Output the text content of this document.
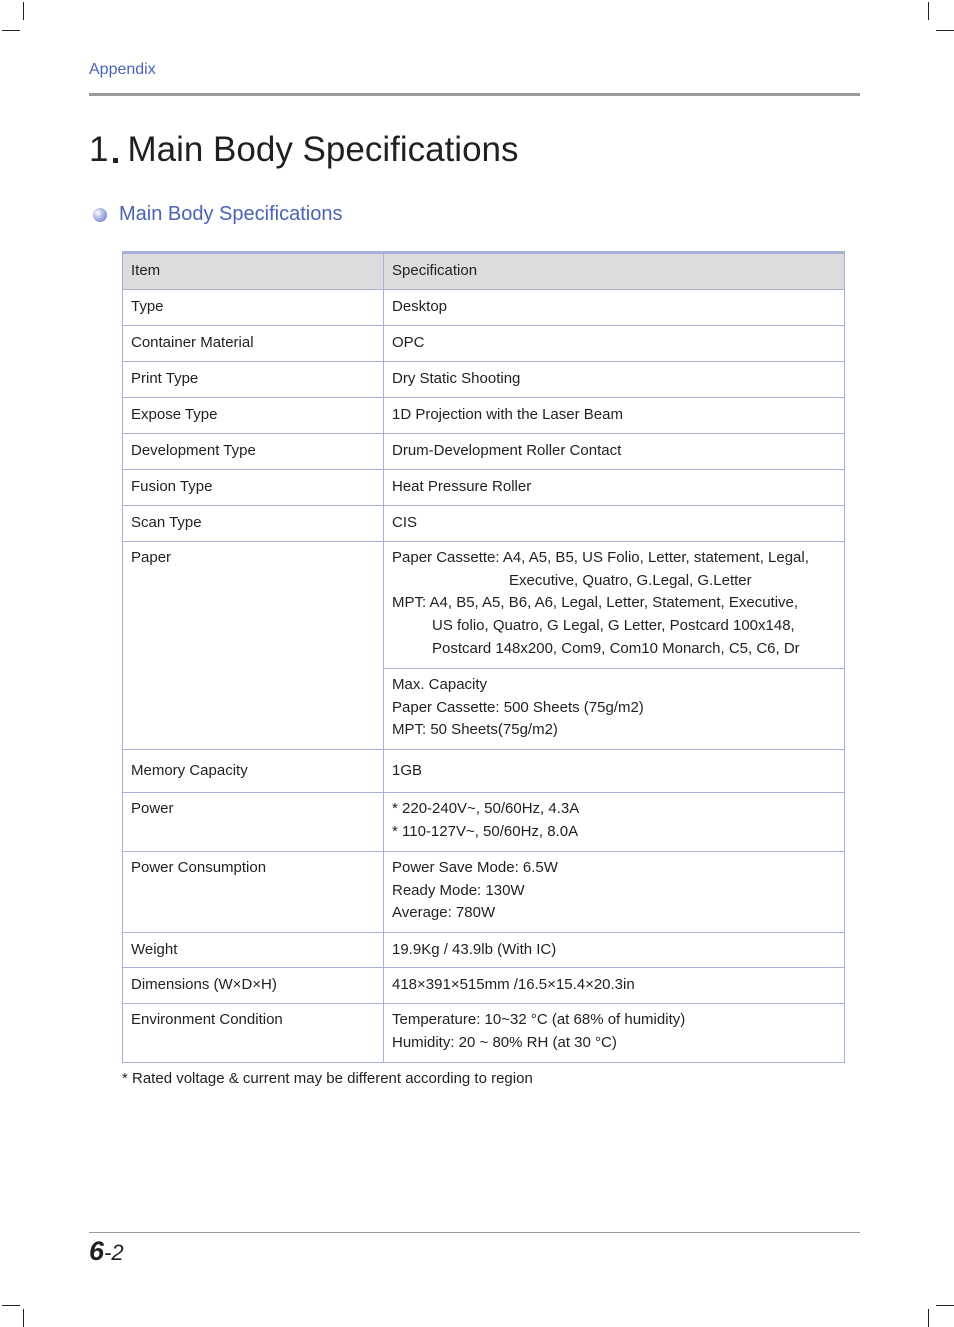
Appendix
1 Main Body Specifications
Main Body Specifications
Item	Specification
Type	Desktop
Container Material	OPC
Print Type	Dry Static Shooting
Expose Type	1D Projection with the Laser Beam
Development Type	Drum-Development Roller Contact
Fusion Type	Heat Pressure Roller
Scan Type	CIS
Paper	Paper Cassette: A4, A5, B5, US Folio, Letter, statement, Legal,
Executive, Quatro, G.Legal, G.Letter
MPT: A4, B5, A5, B6, A6, Legal, Letter, Statement, Executive,
US folio, Quatro, G Legal, G Letter, Postcard 100x148,
Postcard 148x200, Com9, Com10 Monarch, C5, C6, Dr

	Max. Capacity
Paper Cassette: 500 Sheets (75g/m2)
MPT: 50 Sheets(75g/m2)

Memory Capacity	1GB
Power	* 220-240V~, 50/60Hz, 4.3A
* 110-127V~, 50/60Hz, 8.0A

Power Consumption	Power Save Mode: 6.5W
Ready Mode: 130W
Average: 780W

Weight	19.9Kg / 43.9lb (With IC)
Dimensions (W×D×H)	418×391×515mm /16.5×15.4×20.3in
Environment Condition	Temperature: 10~32 °C (at 68% of humidity)
Humidity: 20 ~ 80% RH (at 30 °C)
* Rated voltage & current may be different according to region
6-2
